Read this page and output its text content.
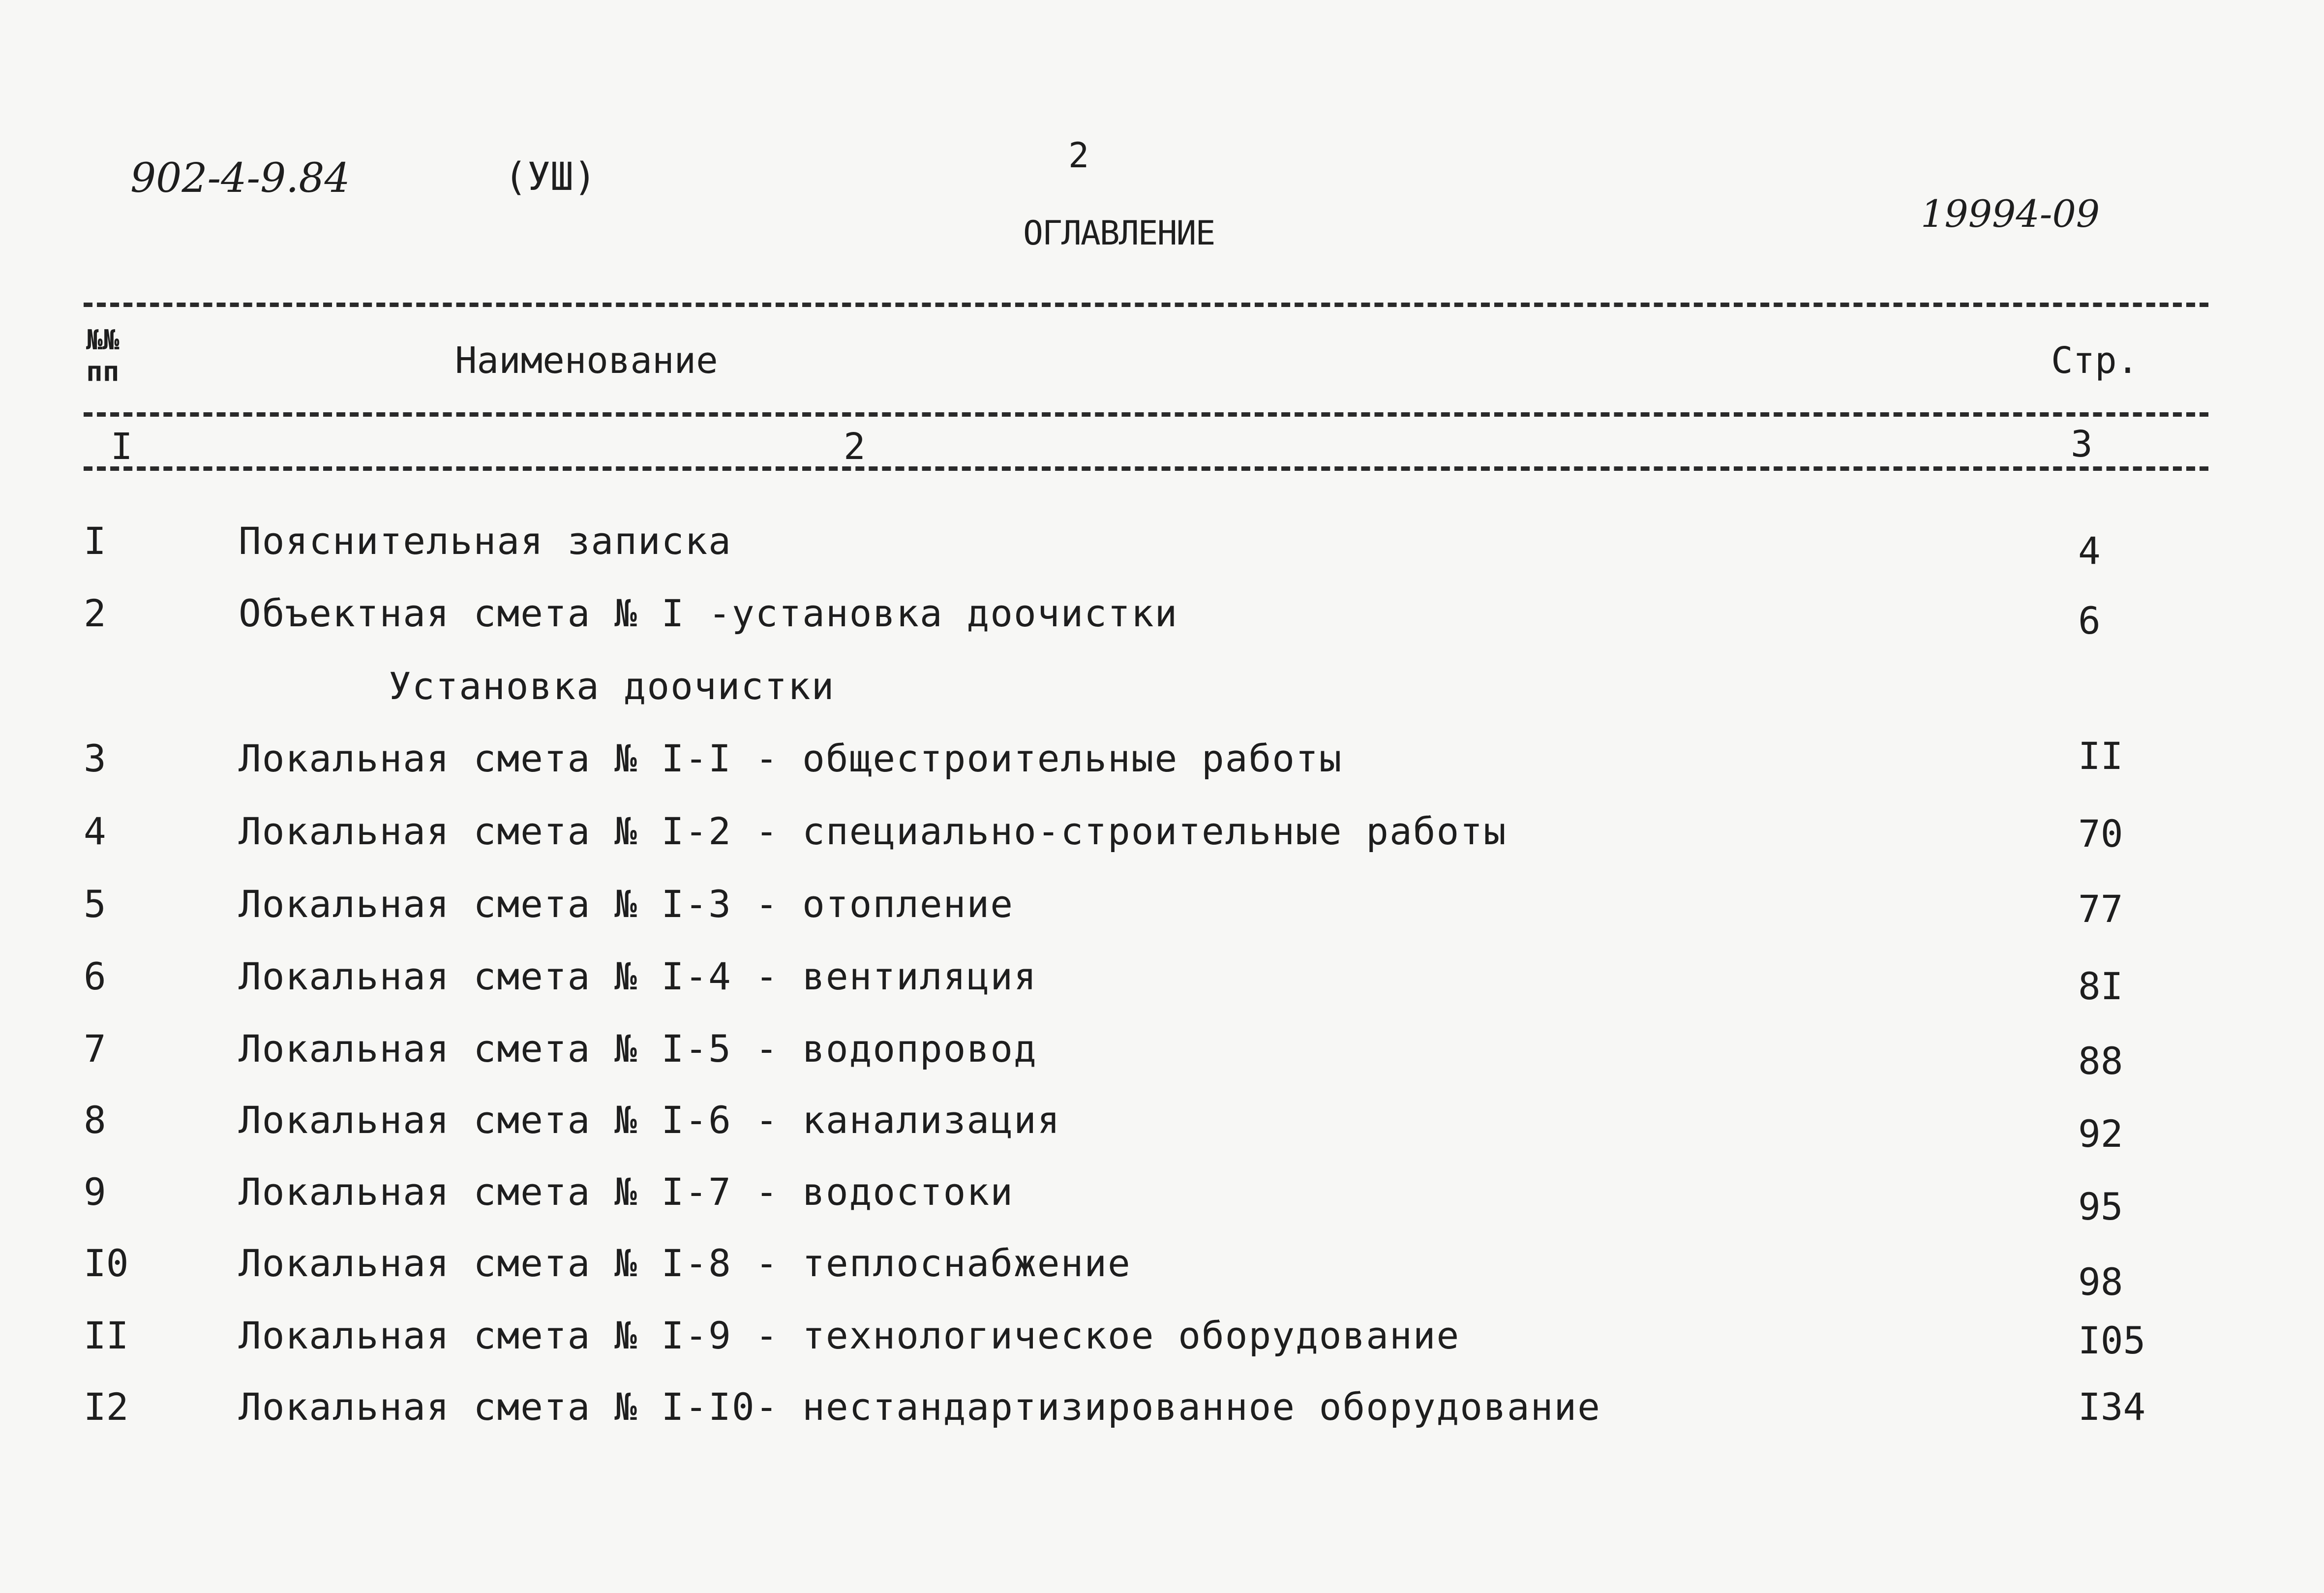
902-4-9.84	(УШ)	2
19994-09
ОГЛАВЛЕНИЕ
№№ пп	Наименование	Стр.
I	2	3
I	Пояснительная записка	4
2	Объектная смета № I -установка доочистки	6
Установка доочистки
3	Локальная смета № I-I - общестроительные работы	II
4	Локальная смета № I-2 - специально-строительные работы	70
5	Локальная смета № I-3 - отопление	77
6	Локальная смета № I-4 - вентиляция	8I
7	Локальная смета № I-5 - водопровод	88
8	Локальная смета № I-6 - канализация	92
9	Локальная смета № I-7 - водостоки	95
I0	Локальная смета № I-8 - теплоснабжение	98
II	Локальная смета № I-9 - технологическое оборудование	I05
I2	Локальная смета № I-I0- нестандартизированное оборудование	I34
